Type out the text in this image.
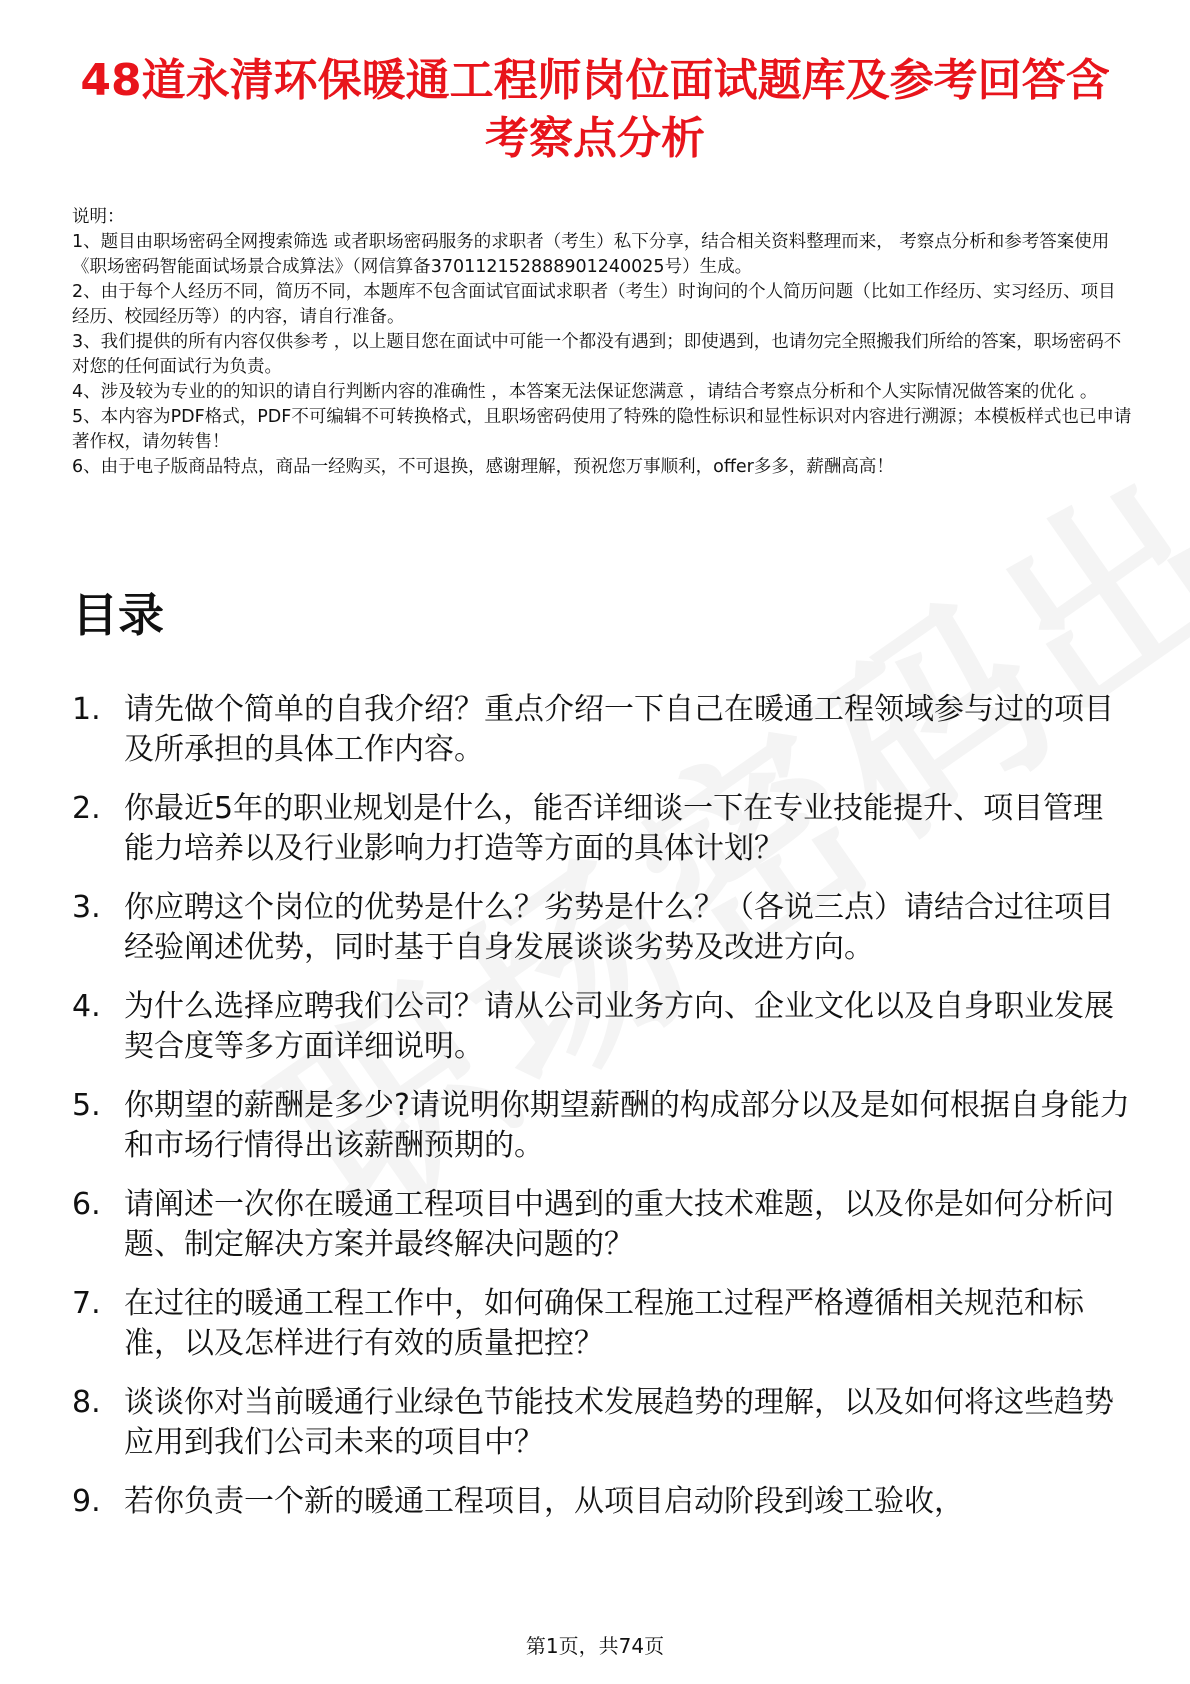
48道永清环保暖通工程师岗位面试题库及参考回答含考察点分析

说明：

1、题目由职场密码全网搜索筛选 或者职场密码服务的求职者（考生）私下分享，结合相关资料整理而来， 考察点分析和参考答案使用《职场密码智能面试场景合成算法》（网信算备370112152888901240025号）生成。

2、由于每个人经历不同，简历不同，本题库不包含面试官面试求职者（考生）时询问的个人简历问题（比如工作经历、实习经历、项目经历、校园经历等）的内容，请自行准备。

3、我们提供的所有内容仅供参考 ，以上题目您在面试中可能一个都没有遇到；即使遇到，也请勿完全照搬我们所给的答案，职场密码不对您的任何面试行为负责。

4、涉及较为专业的的知识的请自行判断内容的准确性 ，本答案无法保证您满意 ，请结合考察点分析和个人实际情况做答案的优化 。

5、本内容为PDF格式，PDF不可编辑不可转换格式，且职场密码使用了特殊的隐性标识和显性标识对内容进行溯源；本模板样式也已申请著作权，请勿转售！

6、由于电子版商品特点，商品一经购买，不可退换，感谢理解，预祝您万事顺利，offer多多，薪酬高高！

目录
1. 请先做个简单的自我介绍？重点介绍一下自己在暖通工程领域参与过的项目及所承担的具体工作内容。
2. 你最近5年的职业规划是什么，能否详细谈一下在专业技能提升、项目管理能力培养以及行业影响力打造等方面的具体计划？
3. 你应聘这个岗位的优势是什么？劣势是什么？（各说三点）请结合过往项目经验阐述优势，同时基于自身发展谈谈劣势及改进方向。
4. 为什么选择应聘我们公司？请从公司业务方向、企业文化以及自身职业发展契合度等多方面详细说明。
5. 你期望的薪酬是多少?请说明你期望薪酬的构成部分以及是如何根据自身能力和市场行情得出该薪酬预期的。
6. 请阐述一次你在暖通工程项目中遇到的重大技术难题，以及你是如何分析问题、制定解决方案并最终解决问题的？
7. 在过往的暖通工程工作中，如何确保工程施工过程严格遵循相关规范和标准，以及怎样进行有效的质量把控？
8. 谈谈你对当前暖通行业绿色节能技术发展趋势的理解，以及如何将这些趋势应用到我们公司未来的项目中？
9. 若你负责一个新的暖通工程项目，从项目启动阶段到竣工验收，
第1页，共74页
